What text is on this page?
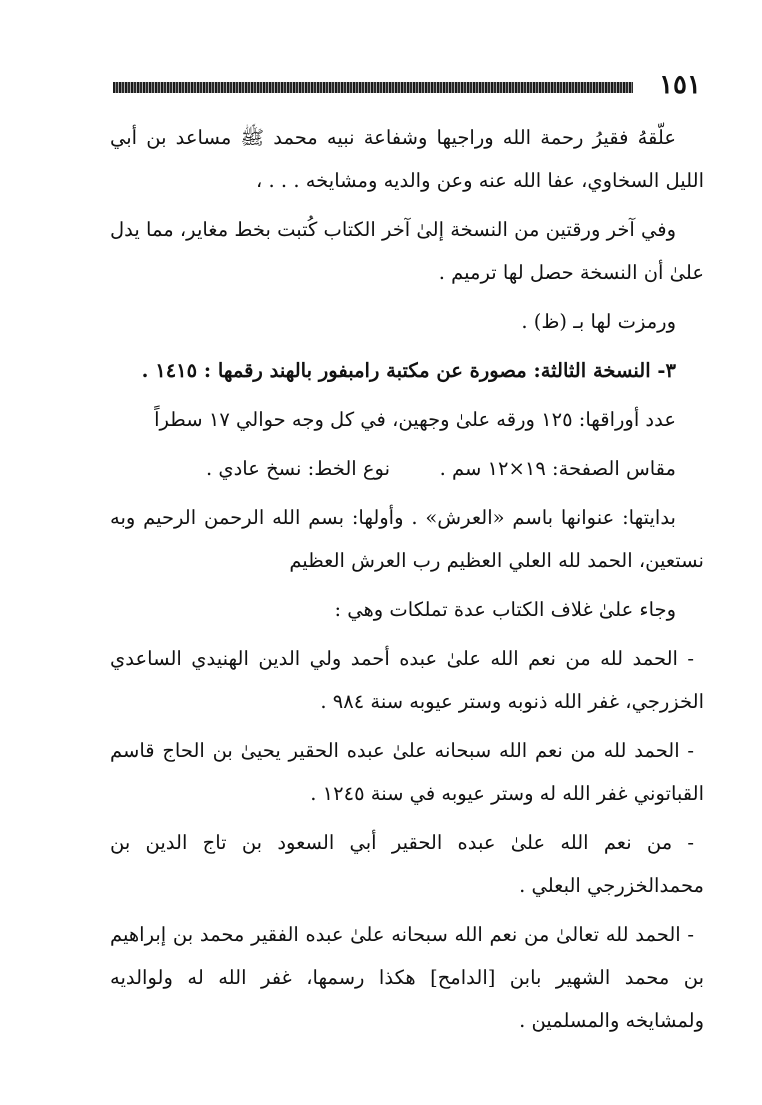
١٥١

علّقهُ فقيرُ رحمة الله وراجيها وشفاعة نبيه محمد ﷺ مساعد بن أبي الليل السخاوي، عفا الله عنه وعن والديه ومشايخه . . . ،

وفي آخر ورقتين من النسخة إلىٰ آخر الكتاب كُتبت بخط مغاير، مما يدل علىٰ أن النسخة حصل لها ترميم .

ورمزت لها بـ (ظ) .

٣- النسخة الثالثة: مصورة عن مكتبة رامبفور بالهند رقمها : ١٤١٥ .

عدد أوراقها: ١٢٥ ورقه علىٰ وجهين، في كل وجه حوالي ١٧ سطراً

مقاس الصفحة: ١٩×١٢ سم .        نوع الخط: نسخ عادي .

بدايتها: عنوانها باسم «العرش» . وأولها: بسم الله الرحمن الرحيم وبه نستعين، الحمد لله العلي العظيم رب العرش العظيم

وجاء علىٰ غلاف الكتاب عدة تملكات وهي :

- الحمد لله من نعم الله علىٰ عبده أحمد ولي الدين الهنيدي الساعدي الخزرجي، غفر الله ذنوبه وستر عيوبه سنة ٩٨٤ .

- الحمد لله من نعم الله سبحانه علىٰ عبده الحقير يحيىٰ بن الحاج قاسم القباتوني غفر الله له وستر عيوبه في سنة ١٢٤٥ .

- من نعم الله علىٰ عبده الحقير أبي السعود بن تاج الدين بن محمدالخزرجي البعلي .

- الحمد لله تعالىٰ من نعم الله سبحانه علىٰ عبده الفقير محمد بن إبراهيم بن محمد الشهير بابن [الدامح] هكذا رسمها، غفر الله له ولوالديه ولمشايخه والمسلمين .
